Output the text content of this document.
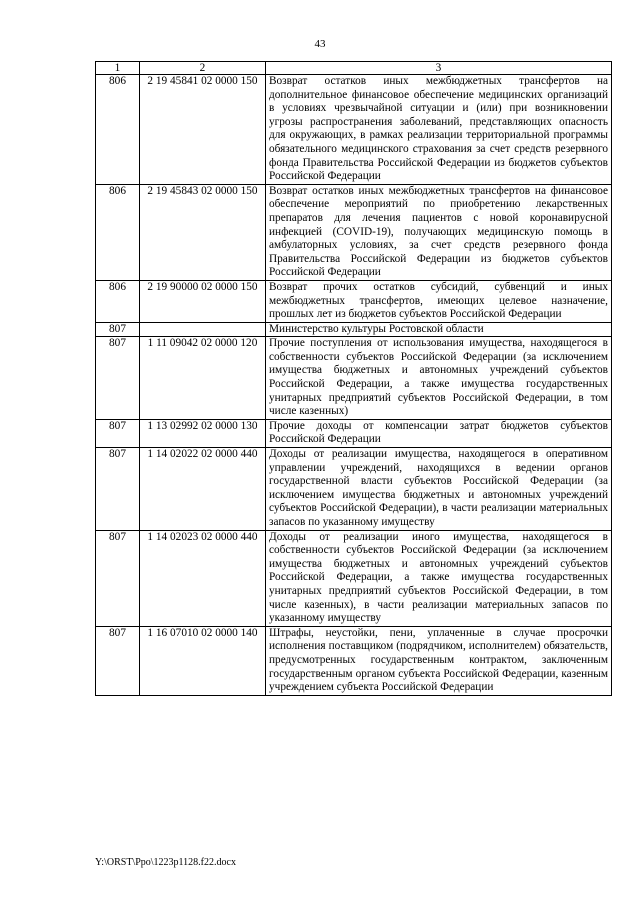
43
1	2	3
806	2 19 45841 02 0000 150	Возврат остатков иных межбюджетных трансфертов на дополнительное финансовое обеспечение медицинских организаций в условиях чрезвычайной ситуации и (или) при возникновении угрозы распространения заболеваний, представляющих опасность для окружающих, в рамках реализации территориальной программы обязательного медицинского страхования за счет средств резервного фонда Правительства Российской Федерации из бюджетов субъектов Российской Федерации
806	2 19 45843 02 0000 150	Возврат остатков иных межбюджетных трансфертов на финансовое обеспечение мероприятий по приобретению лекарственных препаратов для лечения пациентов с новой коронавирусной инфекцией (COVID-19), получающих медицинскую помощь в амбулаторных условиях, за счет средств резервного фонда Правительства Российской Федерации из бюджетов субъектов Российской Федерации
806	2 19 90000 02 0000 150	Возврат прочих остатков субсидий, субвенций и иных межбюджетных трансфертов, имеющих целевое назначение, прошлых лет из бюджетов субъектов Российской Федерации
807		Министерство культуры Ростовской области
807	1 11 09042 02 0000 120	Прочие поступления от использования имущества, находящегося в собственности субъектов Российской Федерации (за исключением имущества бюджетных и автономных учреждений субъектов Российской Федерации, а также имущества государственных унитарных предприятий субъектов Российской Федерации, в том числе казенных)
807	1 13 02992 02 0000 130	Прочие доходы от компенсации затрат бюджетов субъектов Российской Федерации
807	1 14 02022 02 0000 440	Доходы от реализации имущества, находящегося в оперативном управлении учреждений, находящихся в ведении органов государственной власти субъектов Российской Федерации (за исключением имущества бюджетных и автономных учреждений субъектов Российской Федерации), в части реализации материальных запасов по указанному имуществу
807	1 14 02023 02 0000 440	Доходы от реализации иного имущества, находящегося в собственности субъектов Российской Федерации (за исключением имущества бюджетных и автономных учреждений субъектов Российской Федерации, а также имущества государственных унитарных предприятий субъектов Российской Федерации, в том числе казенных), в части реализации материальных запасов по указанному имуществу
807	1 16 07010 02 0000 140	Штрафы, неустойки, пени, уплаченные в случае просрочки исполнения поставщиком (подрядчиком, исполнителем) обязательств, предусмотренных государственным контрактом, заключенным государственным органом субъекта Российской Федерации, казенным учреждением субъекта Российской Федерации
Y:\ORST\Ppo\1223p1128.f22.docx
